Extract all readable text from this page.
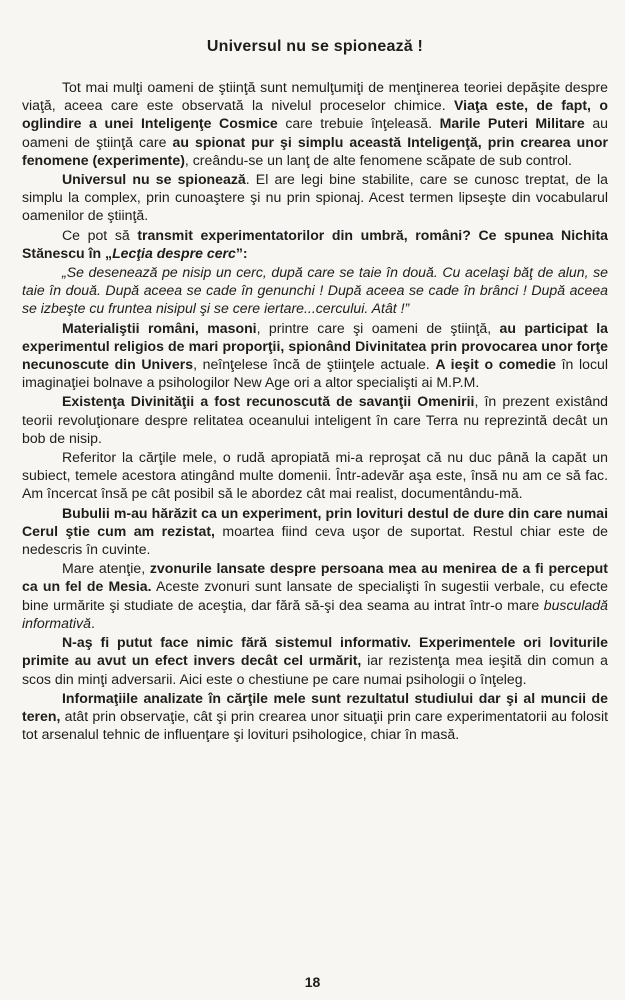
Universul nu se spionează !

Tot mai mulţi oameni de ştiinţă sunt nemulţumiţi de menţinerea teoriei depăşite despre viaţă, aceea care este observată la nivelul proceselor chimice. Viaţa este, de fapt, o oglindire a unei Inteligenţe Cosmice care trebuie înţeleasă. Marile Puteri Militare au oameni de ştiinţă care au spionat pur şi simplu această Inteligenţă, prin crearea unor fenomene (experimente), creându-se un lanţ de alte fenomene scăpate de sub control.

Universul nu se spionează. El are legi bine stabilite, care se cunosc treptat, de la simplu la complex, prin cunoaştere şi nu prin spionaj. Acest termen lipseşte din vocabularul oamenilor de ştiinţă.

Ce pot să transmit experimentatorilor din umbră, români? Ce spunea Nichita Stănescu în „Lecţia despre cerc”:

„Se desenează pe nisip un cerc, după care se taie în două. Cu acelaşi băţ de alun, se taie în două. După aceea se cade în genunchi ! După aceea se cade în brânci ! După aceea se izbeşte cu fruntea nisipul şi se cere iertare...cercului. Atât !”

Materialiştii români, masoni, printre care şi oameni de ştiinţă, au participat la experimentul religios de mari proporţii, spionând Divinitatea prin provocarea unor forţe necunoscute din Univers, neînţelese încă de ştiinţele actuale. A ieşit o comedie în locul imaginaţiei bolnave a psihologilor New Age ori a altor specialişti ai M.P.M.

Existenţa Divinităţii a fost recunoscută de savanţii Omenirii, în prezent existând teorii revoluţionare despre relitatea oceanului inteligent în care Terra nu reprezintă decât un bob de nisip.

Referitor la cărţile mele, o rudă apropiată mi-a reproşat că nu duc până la capăt un subiect, temele acestora atingând multe domenii. Într-adevăr aşa este, însă nu am ce să fac. Am încercat însă pe cât posibil să le abordez cât mai realist, documentându-mă.

Bubulii m-au hărăzit ca un experiment, prin lovituri destul de dure din care numai Cerul ştie cum am rezistat, moartea fiind ceva uşor de suportat. Restul chiar este de nedescris în cuvinte.

Mare atenţie, zvonurile lansate despre persoana mea au menirea de a fi perceput ca un fel de Mesia. Aceste zvonuri sunt lansate de specialişti în sugestii verbale, cu efecte bine urmărite şi studiate de aceştia, dar fără să-şi dea seama au intrat într-o mare busculadă informativă.

N-aş fi putut face nimic fără sistemul informativ. Experimentele ori loviturile primite au avut un efect invers decât cel urmărit, iar rezistenţa mea ieşită din comun a scos din minţi adversarii. Aici este o chestiune pe care numai psihologii o înţeleg.

Informaţiile analizate în cărţile mele sunt rezultatul studiului dar şi al muncii de teren, atât prin observaţie, cât şi prin crearea unor situaţii prin care experimentatorii au folosit tot arsenalul tehnic de influenţare şi lovituri psihologice, chiar în masă.

18
